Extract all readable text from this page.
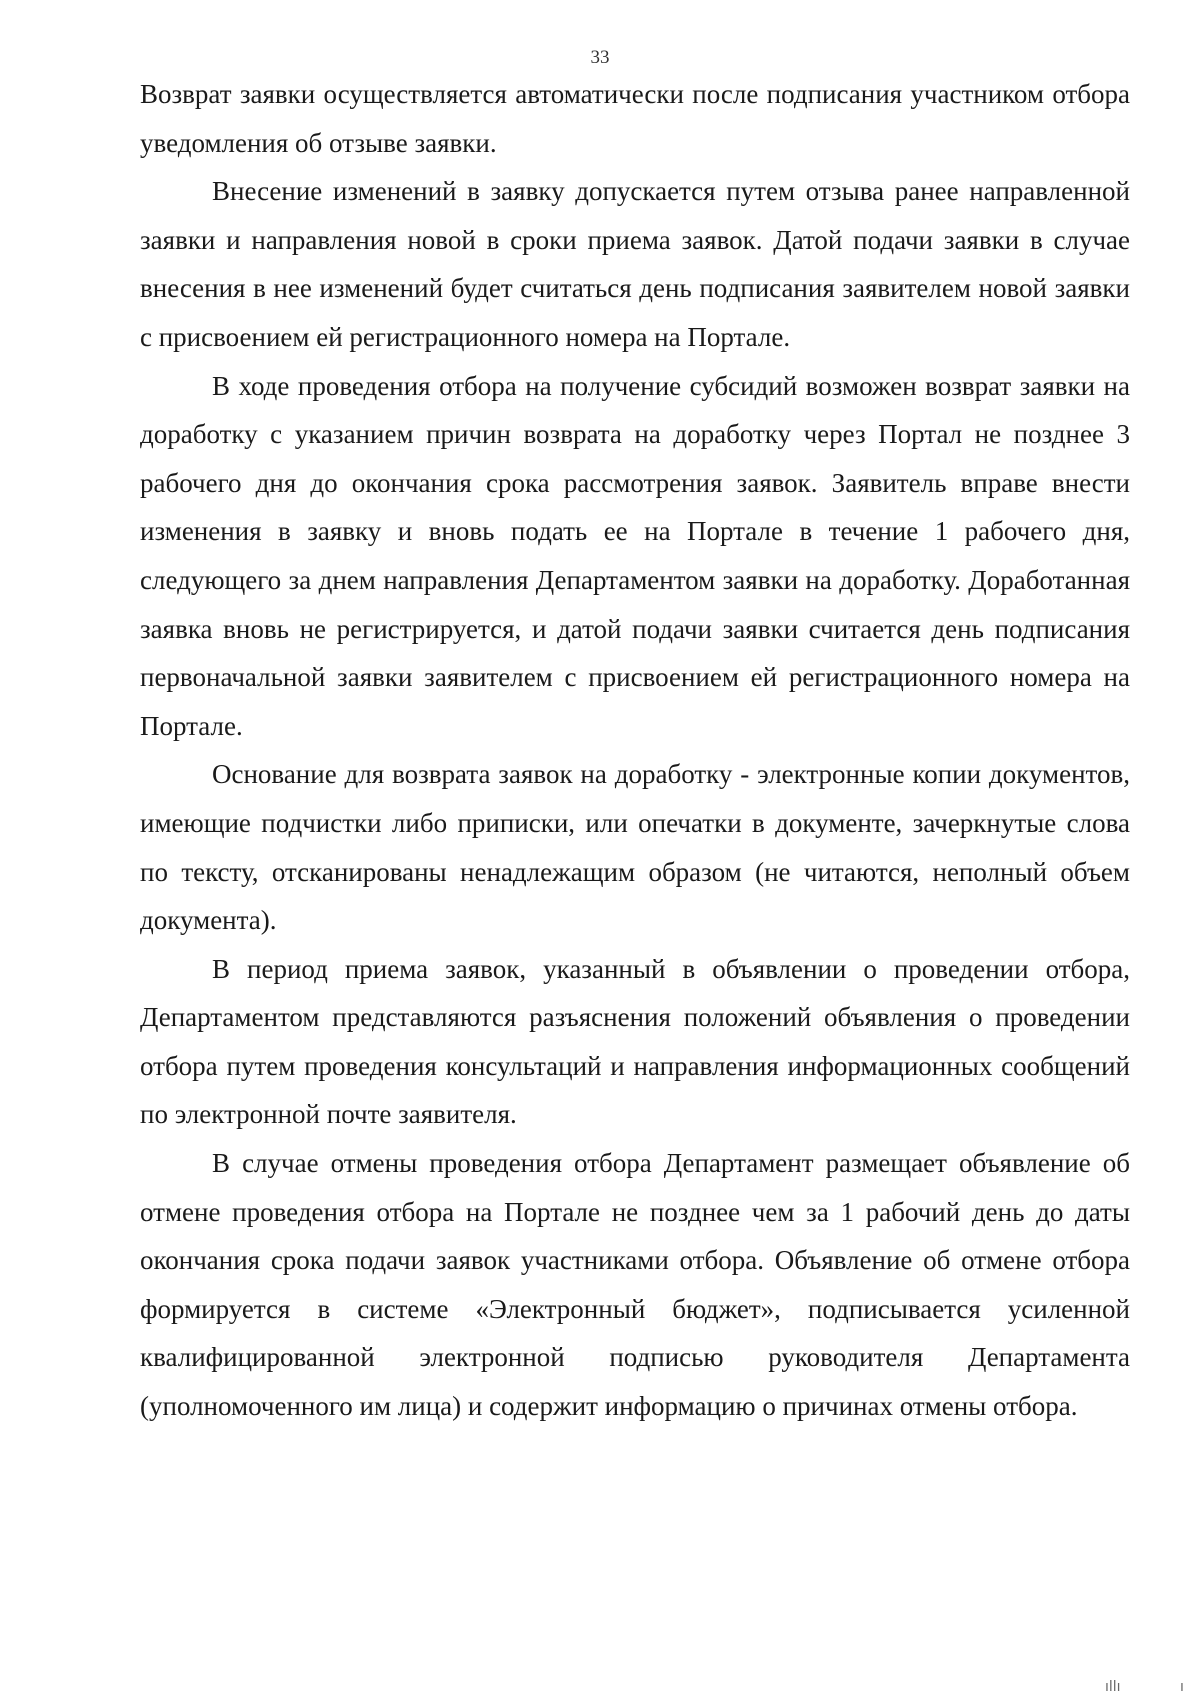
33

Возврат заявки осуществляется автоматически после подписания участником отбора уведомления об отзыве заявки.

Внесение изменений в заявку допускается путем отзыва ранее направленной заявки и направления новой в сроки приема заявок. Датой подачи заявки в случае внесения в нее изменений будет считаться день подписания заявителем новой заявки с присвоением ей регистрационного номера на Портале.

В ходе проведения отбора на получение субсидий возможен возврат заявки на доработку с указанием причин возврата на доработку через Портал не позднее 3 рабочего дня до окончания срока рассмотрения заявок. Заявитель вправе внести изменения в заявку и вновь подать ее на Портале в течение 1 рабочего дня, следующего за днем направления Департаментом заявки на доработку. Доработанная заявка вновь не регистрируется, и датой подачи заявки считается день подписания первоначальной заявки заявителем с присвоением ей регистрационного номера на Портале.

Основание для возврата заявок на доработку - электронные копии документов, имеющие подчистки либо приписки, или опечатки в документе, зачеркнутые слова по тексту, отсканированы ненадлежащим образом (не читаются, неполный объем документа).

В период приема заявок, указанный в объявлении о проведении отбора, Департаментом представляются разъяснения положений объявления о проведении отбора путем проведения консультаций и направления информационных сообщений по электронной почте заявителя.

В случае отмены проведения отбора Департамент размещает объявление об отмене проведения отбора на Портале не позднее чем за 1 рабочий день до даты окончания срока подачи заявок участниками отбора. Объявление об отмене отбора формируется в системе «Электронный бюджет», подписывается усиленной квалифицированной электронной подписью руководителя Департамента (уполномоченного им лица) и содержит информацию о причинах отмены отбора.

ıllı	ı
